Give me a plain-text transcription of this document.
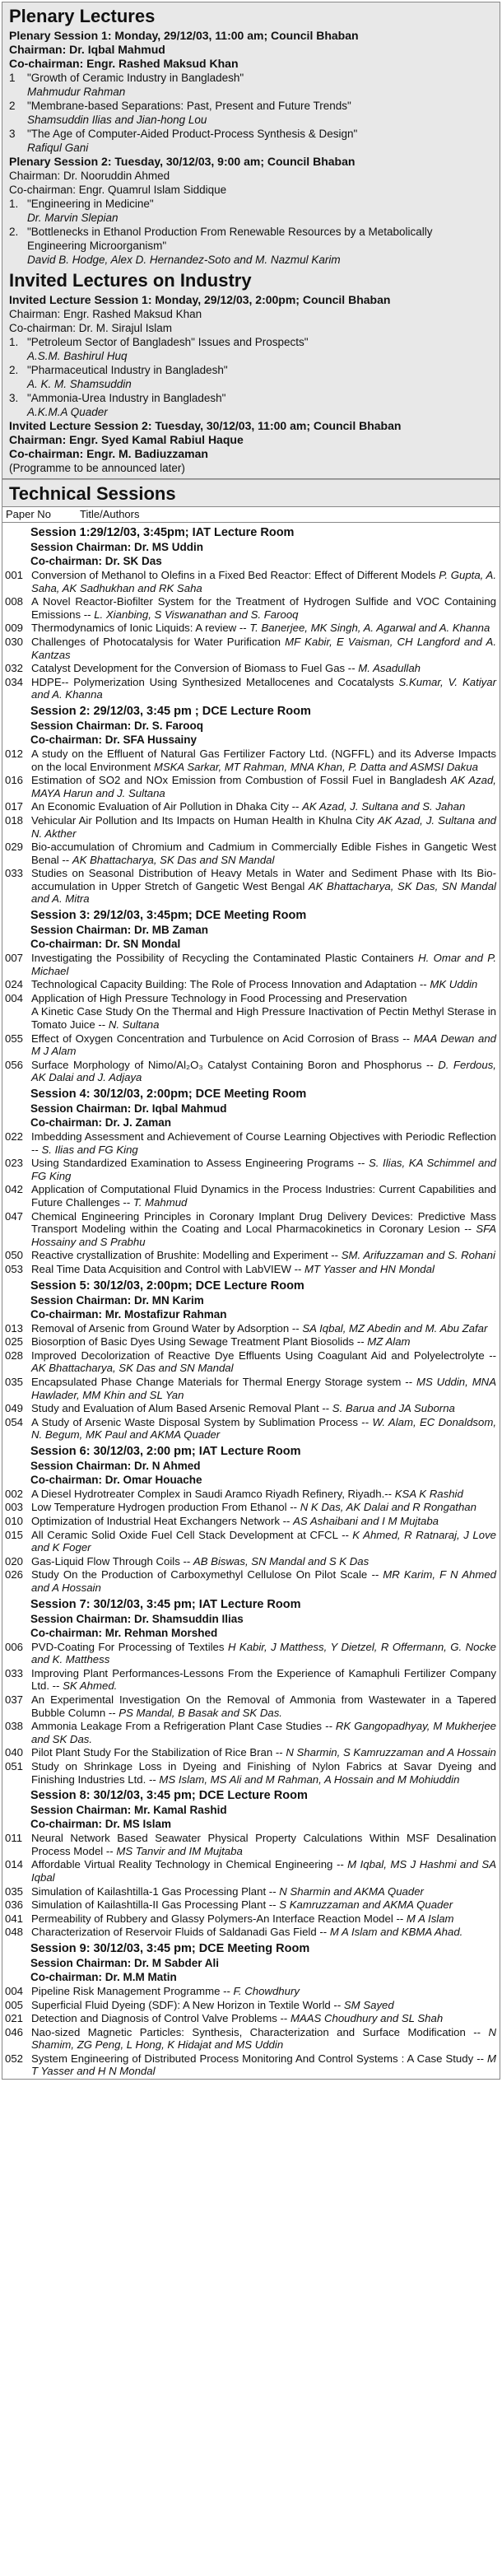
Plenary Lectures
Plenary Session 1: Monday, 29/12/03, 11:00 am; Council Bhaban
Chairman: Dr. Iqbal Mahmud
Co-chairman: Engr. Rashed Maksud Khan
1 "Growth of Ceramic Industry in Bangladesh"
Mahmudur Rahman
2 "Membrane-based Separations: Past, Present and Future Trends"
Shamsuddin Ilias and Jian-hong Lou
3 "The Age of Computer-Aided Product-Process Synthesis & Design"
Rafiqul Gani
Plenary Session 2: Tuesday, 30/12/03, 9:00 am; Council Bhaban
Chairman: Dr. Nooruddin Ahmed
Co-chairman: Engr. Quamrul Islam Siddique
1. "Engineering in Medicine"
Dr. Marvin Slepian
2. "Bottlenecks in Ethanol Production From Renewable Resources by a Metabolically Engineering Microorganism"
David B. Hodge, Alex D. Hernandez-Soto and M. Nazmul Karim
Invited Lectures on Industry
Invited Lecture Session 1: Monday, 29/12/03, 2:00pm; Council Bhaban
Chairman: Engr. Rashed Maksud Khan
Co-chairman: Dr. M. Sirajul Islam
1. "Petroleum Sector of Bangladesh" Issues and Prospects"
A.S.M. Bashirul Huq
2. "Pharmaceutical Industry in Bangladesh"
A. K. M. Shamsuddin
3. "Ammonia-Urea Industry in Bangladesh"
A.K.M.A Quader
Invited Lecture Session 2: Tuesday, 30/12/03, 11:00 am; Council Bhaban
Chairman: Engr. Syed Kamal Rabiul Haque
Co-chairman: Engr. M. Badiuzzaman
(Programme to be announced later)
Technical Sessions
Paper No	Title/Authors
Session 1:29/12/03, 3:45pm; IAT Lecture Room
Session Chairman: Dr. MS Uddin
Co-chairman: Dr. SK Das
001 Conversion of Methanol to Olefins in a Fixed Bed Reactor: Effect of Different Models P. Gupta, A. Saha, AK Sadhukhan and RK Saha
008 A Novel Reactor-Biofilter System for the Treatment of Hydrogen Sulfide and VOC Containing Emissions -- L. Xianbing, S Viswanathan and S. Farooq
009 Thermodynamics of Ionic Liquids: A review -- T. Banerjee, MK Singh, A. Agarwal and A. Khanna
030 Challenges of Photocatalysis for Water Purification MF Kabir, E Vaisman, CH Langford and A. Kantzas
032 Catalyst Development for the Conversion of Biomass to Fuel Gas -- M. Asadullah
034 HDPE-- Polymerization Using Synthesized Metallocenes and Cocatalysts S.Kumar, V. Katiyar and A. Khanna
Session 2: 29/12/03, 3:45 pm ; DCE Lecture Room
Session Chairman: Dr. S. Farooq
Co-chairman: Dr. SFA Hussainy
012 A study on the Effluent of Natural Gas Fertilizer Factory Ltd. (NGFFL) and its Adverse Impacts on the local Environment MSKA Sarkar, MT Rahman, MNA Khan, P. Datta and ASMSI Dakua
016 Estimation of SO2 and NOx Emission from Combustion of Fossil Fuel in Bangladesh AK Azad, MAYA Harun and J. Sultana
017 An Economic Evaluation of Air Pollution in Dhaka City -- AK Azad, J. Sultana and S. Jahan
018 Vehicular Air Pollution and Its Impacts on Human Health in Khulna City AK Azad, J. Sultana and N. Akther
029 Bio-accumulation of Chromium and Cadmium in Commercially Edible Fishes in Gangetic West Benal -- AK Bhattacharya, SK Das and SN Mandal
033 Studies on Seasonal Distribution of Heavy Metals in Water and Sediment Phase with Its Bio-accumulation in Upper Stretch of Gangetic West Bengal AK Bhattacharya, SK Das, SN Mandal and A. Mitra
Session 3: 29/12/03, 3:45pm; DCE Meeting Room
Session Chairman: Dr. MB Zaman
Co-chairman: Dr. SN Mondal
007 Investigating the Possibility of Recycling the Contaminated Plastic Containers H. Omar and P. Michael
024 Technological Capacity Building: The Role of Process Innovation and Adaptation -- MK Uddin
004 Application of High Pressure Technology in Food Processing and Preservation
A Kinetic Case Study On the Thermal and High Pressure Inactivation of Pectin Methyl Sterase in Tomato Juice -- N. Sultana
055 Effect of Oxygen Concentration and Turbulence on Acid Corrosion of Brass -- MAA Dewan and M J Alam
056 Surface Morphology of Nimo/Al₂O₃ Catalyst Containing Boron and Phosphorus -- D. Ferdous, AK Dalai and J. Adjaya
Session 4: 30/12/03, 2:00pm; DCE Meeting Room
Session Chairman: Dr. Iqbal Mahmud
Co-chairman: Dr. J. Zaman
022 Imbedding Assessment and Achievement of Course Learning Objectives with Periodic Reflection -- S. Ilias and FG King
023 Using Standardized Examination to Assess Engineering Programs -- S. Ilias, KA Schimmel and FG King
042 Application of Computational Fluid Dynamics in the Process Industries: Current Capabilities and Future Challenges -- T. Mahmud
047 Chemical Engineering Principles in Coronary Implant Drug Delivery Devices: Predictive Mass Transport Modeling within the Coating and Local Pharmacokinetics in Coronary Lesion -- SFA Hossainy and S Prabhu
050 Reactive crystallization of Brushite: Modelling and Experiment -- SM. Arifuzzaman and S. Rohani
053 Real Time Data Acquisition and Control with LabVIEW -- MT Yasser and HN Mondal
Session 5: 30/12/03, 2:00pm; DCE Lecture Room
Session Chairman: Dr. MN Karim
Co-chairman: Mr. Mostafizur Rahman
013 Removal of Arsenic from Ground Water by Adsorption -- SA Iqbal, MZ Abedin and M. Abu Zafar
025 Biosorption of Basic Dyes Using Sewage Treatment Plant Biosolids -- MZ Alam
028 Improved Decolorization of Reactive Dye Effluents Using Coagulant Aid and Polyelectrolyte -- AK Bhattacharya, SK Das and SN Mandal
035 Encapsulated Phase Change Materials for Thermal Energy Storage system -- MS Uddin, MNA Hawlader, MM Khin and SL Yan
049 Study and Evaluation of Alum Based Arsenic Removal Plant -- S. Barua and JA Suborna
054 A Study of Arsenic Waste Disposal System by Sublimation Process -- W. Alam, EC Donaldsom, N. Begum, MK Paul and AKMA Quader
Session 6: 30/12/03, 2:00 pm; IAT Lecture Room
Session Chairman: Dr. N Ahmed
Co-chairman: Dr. Omar Houache
002 A Diesel Hydrotreater Complex in Saudi Aramco Riyadh Refinery, Riyadh.-- KSA K Rashid
003 Low Temperature Hydrogen production From Ethanol -- N K Das, AK Dalai and R Rongathan
010 Optimization of Industrial Heat Exchangers Network -- AS Ashaibani and I M Mujtaba
015 All Ceramic Solid Oxide Fuel Cell Stack Development at CFCL -- K Ahmed, R Ratnaraj, J Love and K Foger
020 Gas-Liquid Flow Through Coils -- AB Biswas, SN Mandal and S K Das
026 Study On the Production of Carboxymethyl Cellulose On Pilot Scale -- MR Karim, F N Ahmed and A Hossain
Session 7: 30/12/03, 3:45 pm; IAT Lecture Room
Session Chairman: Dr. Shamsuddin Ilias
Co-chairman: Mr. Rehman Morshed
006 PVD-Coating For Processing of Textiles H Kabir, J Matthess, Y Dietzel, R Offermann, G. Nocke and K. Matthess
033 Improving Plant Performances-Lessons From the Experience of Kamaphuli Fertilizer Company Ltd. -- SK Ahmed.
037 An Experimental Investigation On the Removal of Ammonia from Wastewater in a Tapered Bubble Column -- PS Mandal, B Basak and SK Das.
038 Ammonia Leakage From a Refrigeration Plant Case Studies -- RK Gangopadhyay, M Mukherjee and SK Das.
040 Pilot Plant Study For the Stabilization of Rice Bran -- N Sharmin, S Kamruzzaman and A Hossain
051 Study on Shrinkage Loss in Dyeing and Finishing of Nylon Fabrics at Savar Dyeing and Finishing Industries Ltd. -- MS Islam, MS Ali and M Rahman, A Hossain and M Mohiuddin
Session 8: 30/12/03, 3:45 pm; DCE Lecture Room
Session Chairman: Mr. Kamal Rashid
Co-chairman: Dr. MS Islam
011 Neural Network Based Seawater Physical Property Calculations Within MSF Desalination Process Model -- MS Tanvir and IM Mujtaba
014 Affordable Virtual Reality Technology in Chemical Engineering -- M Iqbal, MS J Hashmi and SA Iqbal
035 Simulation of Kailashtilla-1 Gas Processing Plant -- N Sharmin and AKMA Quader
036 Simulation of Kailashtilla-II Gas Processing Plant -- S Kamruzzaman and AKMA Quader
041 Permeability of Rubbery and Glassy Polymers-An Interface Reaction Model -- M A Islam
048 Characterization of Reservoir Fluids of Saldanadi Gas Field -- M A Islam and KBMA Ahad.
Session 9: 30/12/03, 3:45 pm; DCE Meeting Room
Session Chairman: Dr. M Sabder Ali
Co-chairman: Dr. M.M Matin
004 Pipeline Risk Management Programme -- F. Chowdhury
005 Superficial Fluid Dyeing (SDF): A New Horizon in Textile World -- SM Sayed
021 Detection and Diagnosis of Control Valve Problems -- MAAS Choudhury and SL Shah
046 Nao-sized Magnetic Particles: Synthesis, Characterization and Surface Modification -- N Shamim, ZG Peng, L Hong, K Hidajat and MS Uddin
052 System Engineering of Distributed Process Monitoring And Control Systems : A Case Study -- M T Yasser and H N Mondal
